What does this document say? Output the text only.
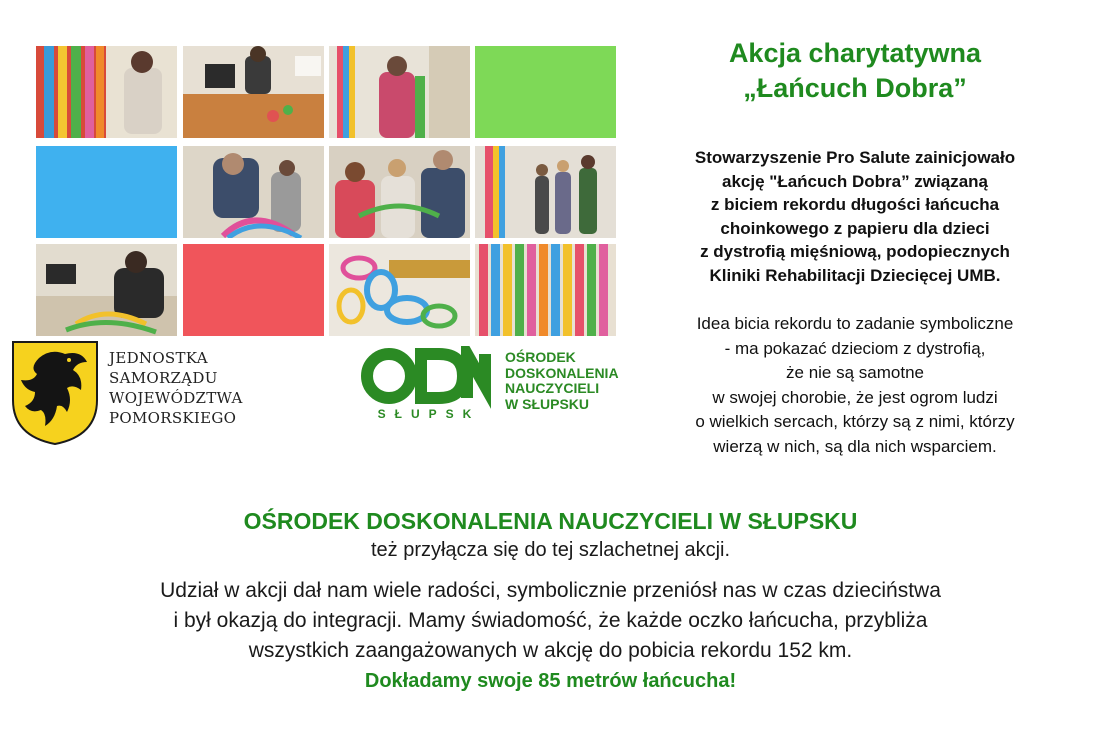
Akcja charytatywna

„Łańcuch Dobra”

Stowarzyszenie Pro Salute zainicjowało
akcję "Łańcuch Dobra” związaną
z biciem rekordu długości łańcucha
choinkowego z papieru dla dzieci
z dystrofią mięśniową, podopiecznych
Kliniki Rehabilitacji Dziecięcej UMB.
Idea bicia rekordu to zadanie symboliczne
- ma pokazać dzieciom z dystrofią,
że nie są samotne
w swojej chorobie, że jest ogrom ludzi
o wielkich sercach, którzy są z nimi, którzy
wierzą w nich, są dla nich wsparciem.
JEDNOSTKA
SAMORZĄDU
WOJEWÓDZTWA
POMORSKIEGO	SŁUPSK
OŚRODEK
DOSKONALENIA
NAUCZYCIELI
W SŁUPSKU
OŚRODEK DOSKONALENIA NAUCZYCIELI W SŁUPSKU
też przyłącza się do tej szlachetnej akcji.
Udział w akcji dał nam wiele radości, symbolicznie przeniósł nas w czas dzieciństwa
i był okazją do integracji. Mamy świadomość, że każde oczko łańcucha, przybliża
wszystkich zaangażowanych w akcję do pobicia rekordu 152 km.
Dokładamy swoje 85 metrów łańcucha!
